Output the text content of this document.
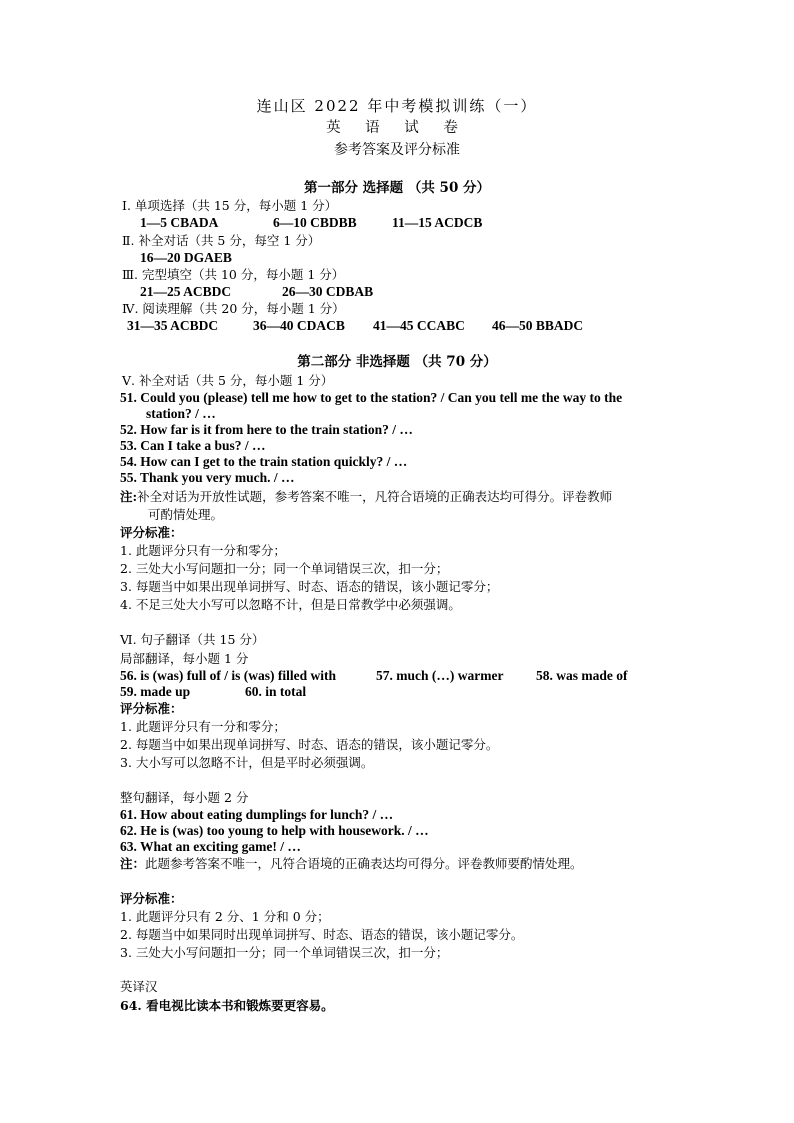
连山区 2022 年中考模拟训练（一）
英 语 试 卷
参考答案及评分标准
第一部分 选择题 （共 50 分）
Ⅰ. 单项选择（共 15 分，每小题 1 分）
1—5 CBADA	6—10 CBDBB	11—15 ACDCB
Ⅱ. 补全对话（共 5 分，每空 1 分）
16—20 DGAEB
Ⅲ. 完型填空（共 10 分，每小题 1 分）
21—25 ACBDC	26—30 CDBAB
Ⅳ. 阅读理解（共 20 分，每小题 1 分）
31—35 ACBDC	36—40 CDACB 41—45 CCABC 46—50 BBADC
第二部分 非选择题 （共 70 分）
Ⅴ. 补全对话（共 5 分，每小题 1 分）
51. Could you (please) tell me how to get to the station? / Can you tell me the way to the
station? / …
52. How far is it from here to the train station? / …
53. Can I take a bus? / …
54. How can I get to the train station quickly? / …
55. Thank you very much. / …
注:补全对话为开放性试题，参考答案不唯一，凡符合语境的正确表达均可得分。评卷教师
可酌情处理。
评分标准：
1. 此题评分只有一分和零分；
2. 三处大小写问题扣一分；同一个单词错误三次，扣一分；
3. 每题当中如果出现单词拼写、时态、语态的错误，该小题记零分；
4. 不足三处大小写可以忽略不计，但是日常教学中必须强调。
Ⅵ. 句子翻译（共 15 分）
局部翻译，每小题 1 分
56. is (was) full of / is (was) filled with	57. much (…) warmer 58. was made of
59. made up	60. in total
评分标准：
1. 此题评分只有一分和零分；
2. 每题当中如果出现单词拼写、时态、语态的错误，该小题记零分。
3. 大小写可以忽略不计，但是平时必须强调。
整句翻译，每小题 2 分
61. How about eating dumplings for lunch? / …
62. He is (was) too young to help with housework. / …
63. What an exciting game! / …
注：此题参考答案不唯一，凡符合语境的正确表达均可得分。评卷教师要酌情处理。
评分标准：
1. 此题评分只有 2 分、1 分和 0 分；
2. 每题当中如果同时出现单词拼写、时态、语态的错误，该小题记零分。
3. 三处大小写问题扣一分；同一个单词错误三次，扣一分；
英译汉
64. 看电视比读本书和锻炼要更容易。
